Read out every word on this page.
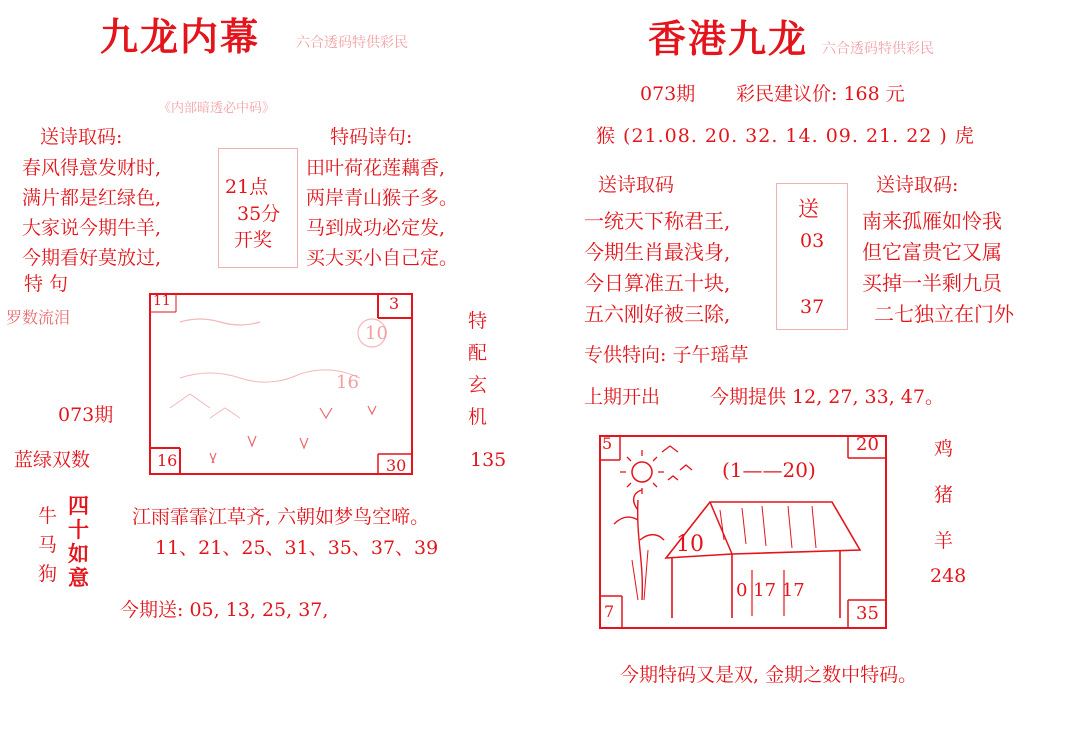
九龙内幕	六合透码特供彩民
《内部暗透必中码》
送诗取码:
春风得意发财时,
满片都是红绿色,
大家说今期牛羊,
今期看好莫放过,
21点
35分
开奖
特码诗句:
田叶荷花莲藕香,
两岸青山猴子多。
马到成功必定发,
买大买小自己定。
特 句
罗数流泪
073期
蓝绿双数
11	3
16	30
10
16
特
配
玄
机
135
牛
马
狗
四
十
如
意
江雨霏霏江草齐, 六朝如梦鸟空啼。
11、21、25、31、35、37、39
今期送: 05, 13, 25, 37,
香港九龙 六合透码特供彩民
073期 彩民建议价: 168 元
猴 (21.08. 20. 32. 14. 09. 21. 22 ) 虎
送诗取码	送诗取码:
一统天下称君王,
今期生肖最浅身,
今日算准五十块,
五六刚好被三除,
送
03
37
南来孤雁如怜我
但它富贵它又属
买掉一半剩九员
二七独立在门外
专供特向: 子午瑶草
上期开出	今期提供 12, 27, 33, 47。
5	20
7	35
(1——20)
10
0 17 17
鸡
猪
羊
248
今期特码又是双, 金期之数中特码。
